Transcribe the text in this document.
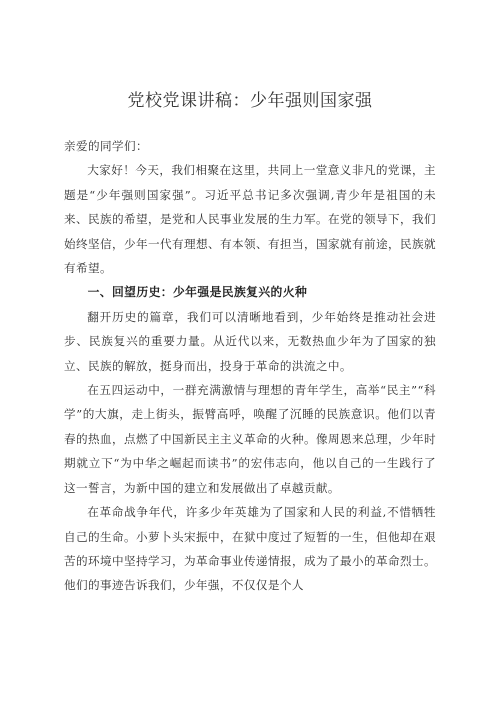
党校党课讲稿：少年强则国家强

亲爱的同学们：

大家好！今天，我们相聚在这里，共同上一堂意义非凡的党课，主题是“少年强则国家强”。习近平总书记多次强调,青少年是祖国的未来、民族的希望，是党和人民事业发展的生力军。在党的领导下，我们始终坚信，少年一代有理想、有本领、有担当，国家就有前途，民族就有希望。

一、回望历史：少年强是民族复兴的火种

翻开历史的篇章，我们可以清晰地看到，少年始终是推动社会进步、民族复兴的重要力量。从近代以来，无数热血少年为了国家的独立、民族的解放，挺身而出，投身于革命的洪流之中。

在五四运动中，一群充满激情与理想的青年学生，高举“民主”“科学”的大旗，走上街头，振臂高呼，唤醒了沉睡的民族意识。他们以青春的热血，点燃了中国新民主主义革命的火种。像周恩来总理，少年时期就立下“为中华之崛起而读书”的宏伟志向，他以自己的一生践行了这一誓言，为新中国的建立和发展做出了卓越贡献。

在革命战争年代，许多少年英雄为了国家和人民的利益,不惜牺牲自己的生命。小萝卜头宋振中，在狱中度过了短暂的一生，但他却在艰苦的环境中坚持学习，为革命事业传递情报，成为了最小的革命烈士。他们的事迹告诉我们，少年强，不仅仅是个人
